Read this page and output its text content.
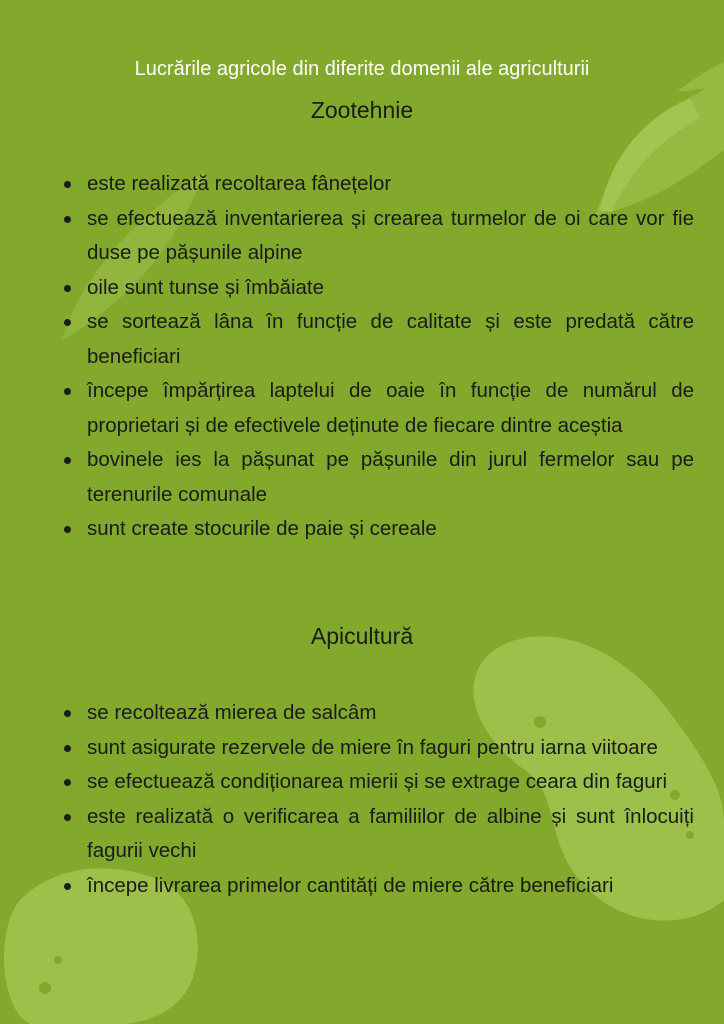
Lucrările agricole din diferite domenii ale agriculturii
Zootehnie
este realizată recoltarea fânețelor
se efectuează inventarierea și crearea turmelor de oi care vor fie duse pe pășunile alpine
oile sunt tunse și îmbăiate
se sortează lâna în funcție de calitate și este predată către beneficiari
începe împărțirea laptelui de oaie în funcție de numărul de proprietari și de efectivele deținute de fiecare dintre aceștia
bovinele ies la pășunat pe pășunile din jurul fermelor sau pe terenurile comunale
sunt create stocurile de paie și cereale
Apicultură
se recoltează mierea de salcâm
sunt asigurate rezervele de miere în faguri pentru iarna viitoare
se efectuează condiționarea mierii și se extrage ceara din faguri
este realizată o verificarea a familiilor de albine și sunt înlocuiți fagurii vechi
începe livrarea primelor cantități de miere către beneficiari
